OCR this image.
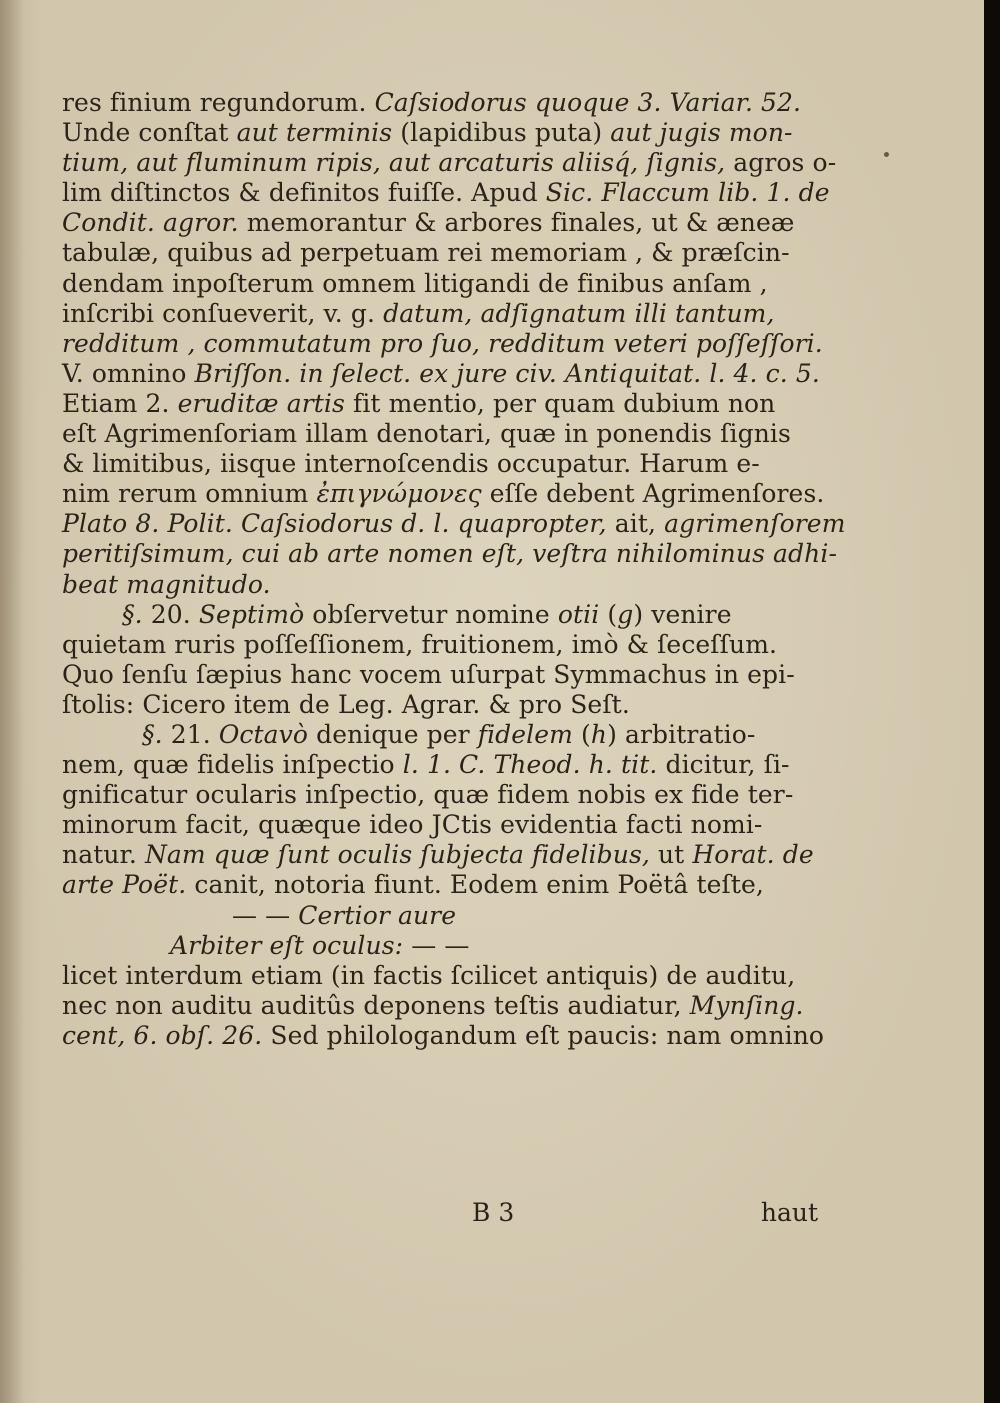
res finium regundorum. Caſsiodorus quoque 3. Variar. 52.
Unde conſtat aut terminis (lapidibus puta) aut jugis mon-
tium, aut fluminum ripis, aut arcaturis aliisq́, ſignis, agros o-
lim diſtinctos & definitos fuiſſe. Apud Sic. Flaccum lib. 1. de
Condit. agror. memorantur & arbores finales, ut & æneæ
tabulæ, quibus ad perpetuam rei memoriam , & præſcin-
dendam inpoſterum omnem litigandi de finibus anſam ,
inſcribi conſueverit, v. g. datum, adſignatum illi tantum,
redditum , commutatum pro ſuo, redditum veteri poſſeſſori.
V. omnino Briſſon. in ſelect. ex jure civ. Antiquitat. l. 4. c. 5.
Etiam 2. eruditæ artis fit mentio, per quam dubium non
eſt Agrimenſoriam illam denotari, quæ in ponendis ſignis
& limitibus, iisque internoſcendis occupatur. Harum e-
nim rerum omnium ἐπιγνώμονες eſſe debent Agrimenſores.
Plato 8. Polit. Caſsiodorus d. l. quapropter, ait, agrimenſorem
peritiſsimum, cui ab arte nomen eſt, veſtra nihilominus adhi-
beat magnitudo.
§. 20. Septimò obſervetur nomine otii (g) venire
quietam ruris poſſeſſionem, fruitionem, imò & ſeceſſum.
Quo ſenſu ſæpius hanc vocem uſurpat Symmachus in epi-
ſtolis: Cicero item de Leg. Agrar. & pro Seſt.
§. 21. Octavò denique per fidelem (h) arbitratio-
nem, quæ fidelis inſpectio l. 1. C. Theod. h. tit. dicitur, ſi-
gnificatur ocularis inſpectio, quæ fidem nobis ex fide ter-
minorum facit, quæque ideo JCtis evidentia facti nomi-
natur. Nam quæ ſunt oculis ſubjecta fidelibus, ut Horat. de
arte Poët. canit, notoria fiunt. Eodem enim Poëtâ teſte,
— — Certior aure
Arbiter eſt oculus: — —
licet interdum etiam (in factis ſcilicet antiquis) de auditu,
nec non auditu auditûs deponens teſtis audiatur, Mynſing.
cent, 6. obſ. 26. Sed philologandum eſt paucis: nam omnino
B 3	haut
